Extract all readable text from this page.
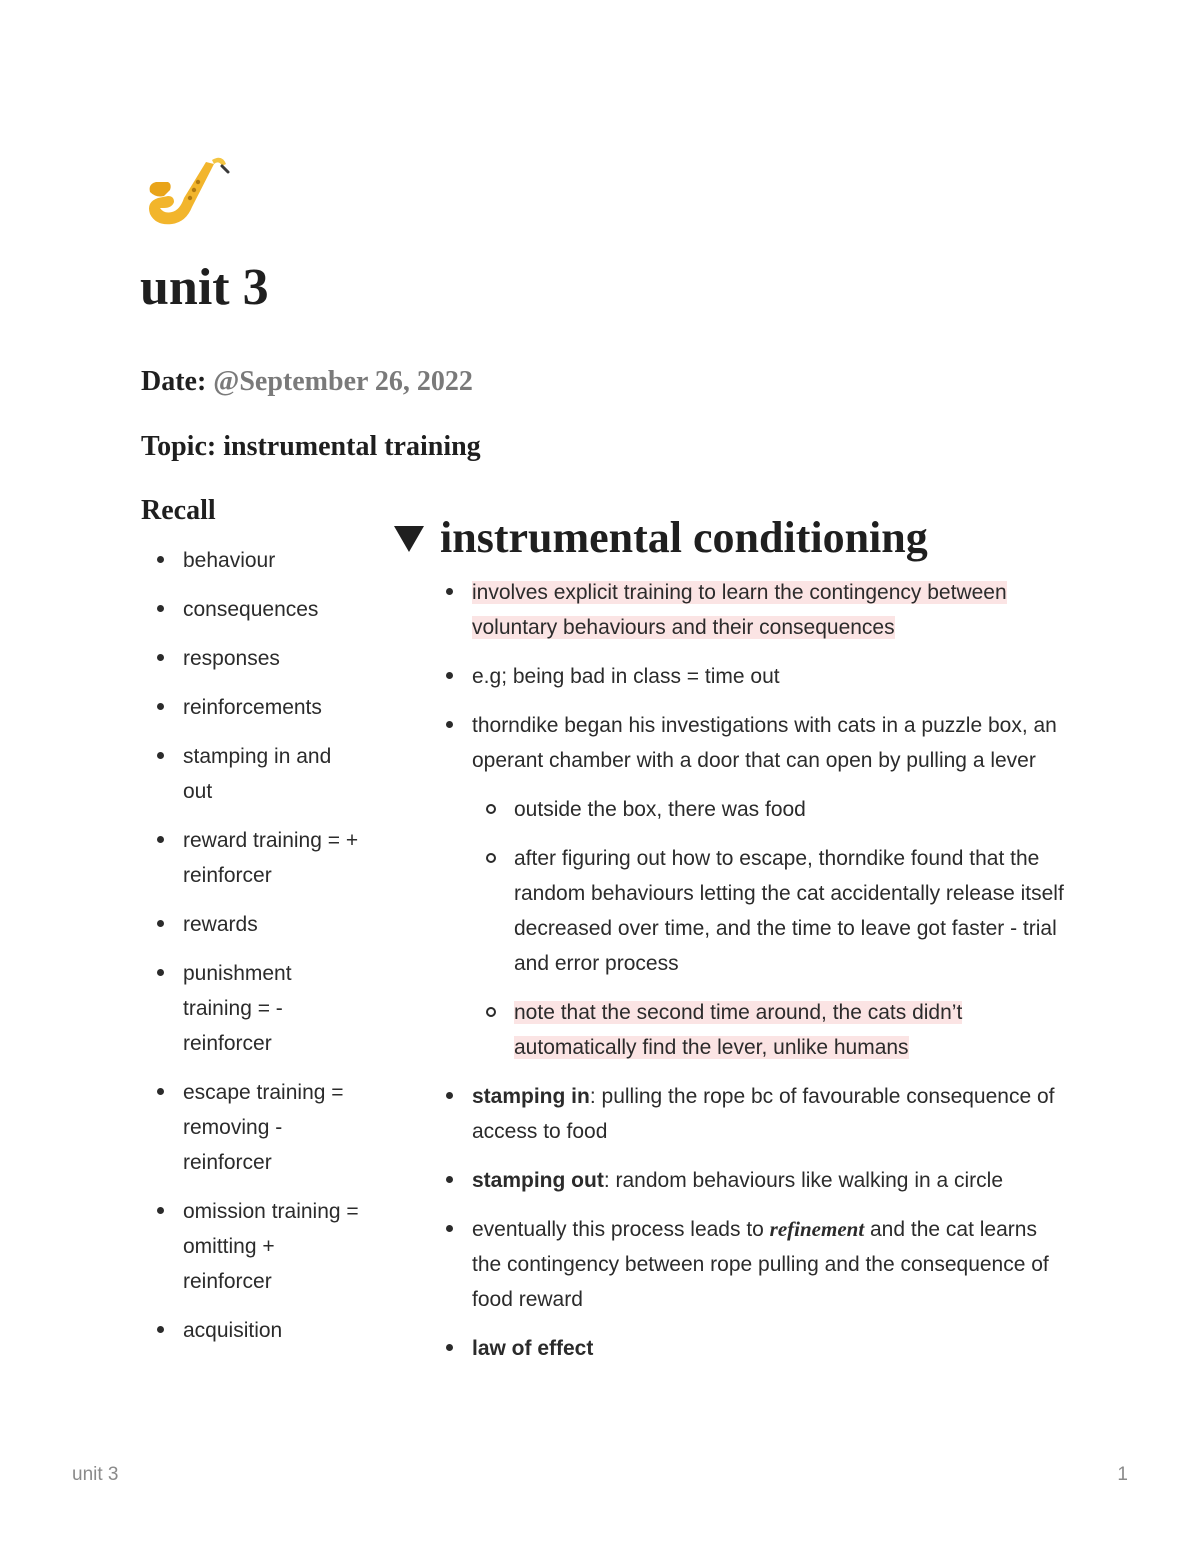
unit 3

Date: @September 26, 2022

Topic: instrumental training

Recall
behaviour
consequences
responses
reinforcements
stamping in and out
reward training = + reinforcer
rewards
punishment training = - reinforcer
escape training = removing - reinforcer
omission training = omitting + reinforcer
acquisition
instrumental conditioning
involves explicit training to learn the contingency between voluntary behaviours and their consequences
e.g; being bad in class = time out
thorndike began his investigations with cats in a puzzle box, an operant chamber with a door that can open by pulling a lever
outside the box, there was food
after figuring out how to escape, thorndike found that the random behaviours letting the cat accidentally release itself decreased over time, and the time to leave got faster - trial and error process
note that the second time around, the cats didn’t automatically find the lever, unlike humans
stamping in: pulling the rope bc of favourable consequence of access to food
stamping out: random behaviours like walking in a circle
eventually this process leads to refinement and the cat learns the contingency between rope pulling and the consequence of food reward
law of effect
unit 3	1
